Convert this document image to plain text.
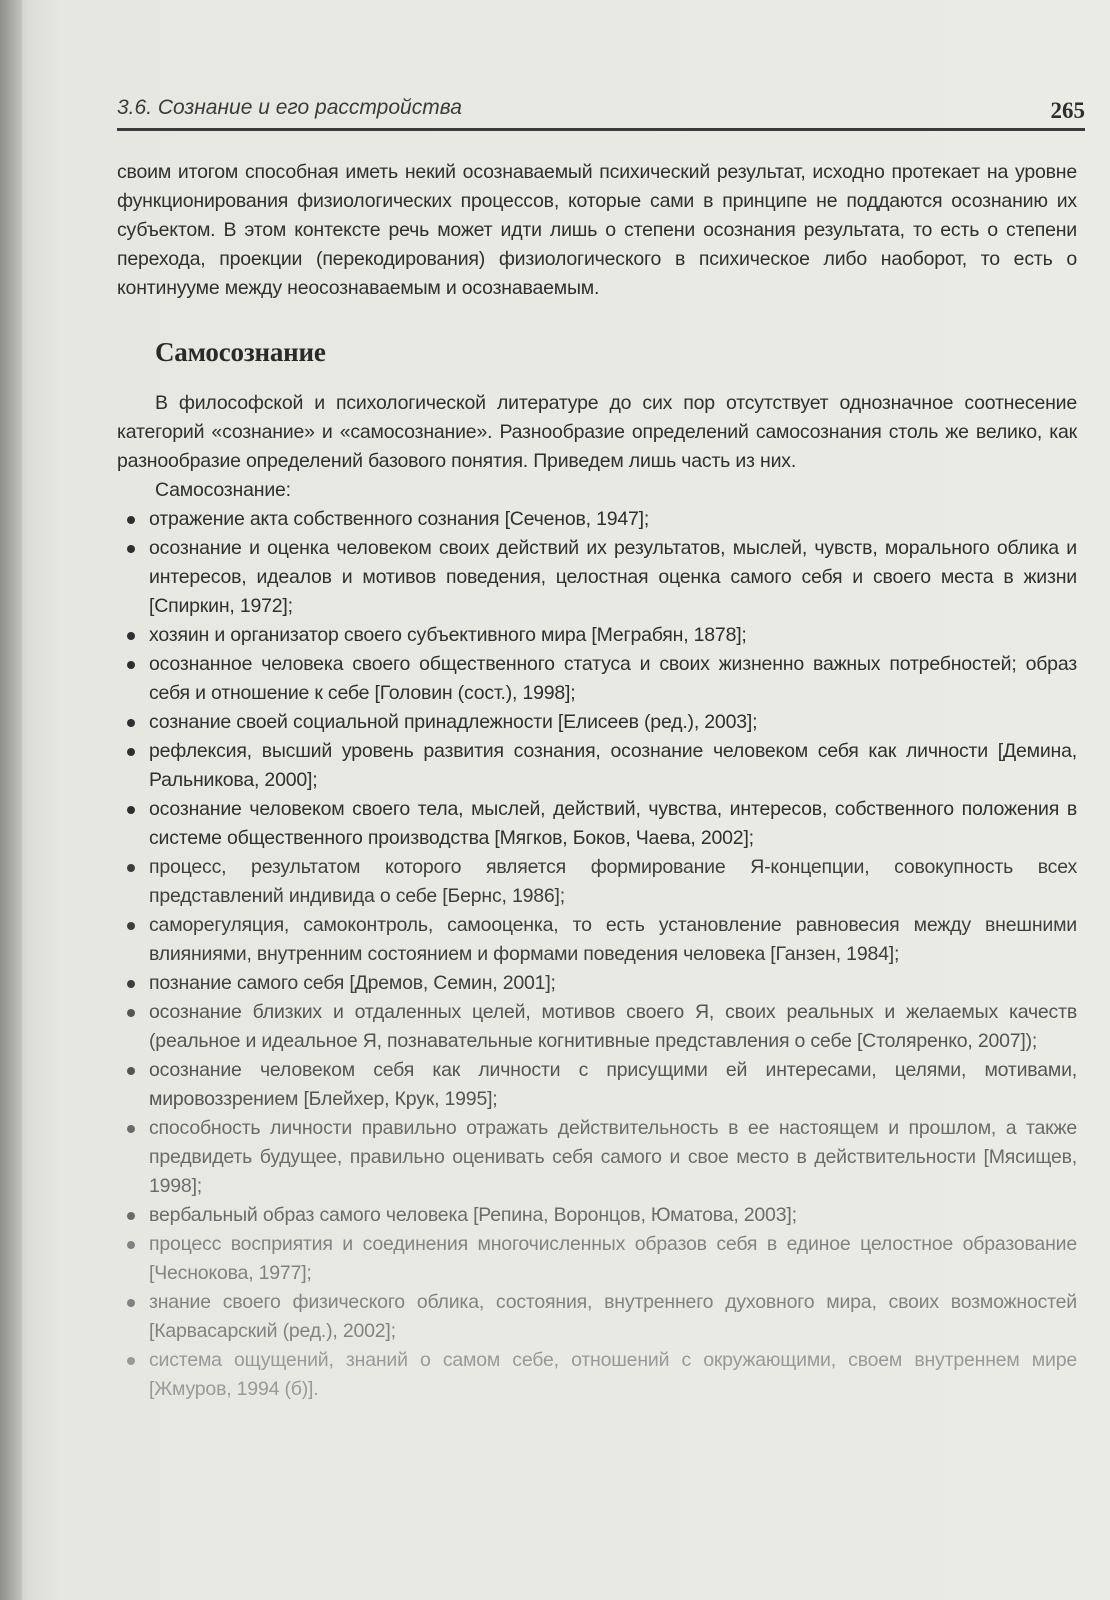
3.6. Сознание и его расстройства	265

своим итогом способная иметь некий осознаваемый психический результат, исходно протекает на уровне функционирования физиологических процессов, которые сами в принципе не поддаются осознанию их субъектом. В этом контексте речь может идти лишь о степени осознания результата, то есть о степени перехода, проекции (перекодирования) физиологического в психическое либо наоборот, то есть о континууме между неосознаваемым и осознаваемым.

Самосознание

В философской и психологической литературе до сих пор отсутствует однозначное соотнесение категорий «сознание» и «самосознание». Разнообразие определений самосознания столь же велико, как разнообразие определений базового понятия. Приведем лишь часть из них.

Самосознание:

отражение акта собственного сознания [Сеченов, 1947];
осознание и оценка человеком своих действий их результатов, мыслей, чувств, морального облика и интересов, идеалов и мотивов поведения, целостная оценка самого себя и своего места в жизни [Спиркин, 1972];
хозяин и организатор своего субъективного мира [Меграбян, 1878];
осознанное человека своего общественного статуса и своих жизненно важных потребностей; образ себя и отношение к себе [Головин (сост.), 1998];
сознание своей социальной принадлежности [Елисеев (ред.), 2003];
рефлексия, высший уровень развития сознания, осознание человеком себя как личности [Демина, Ральникова, 2000];
осознание человеком своего тела, мыслей, действий, чувства, интересов, собственного положения в системе общественного производства [Мягков, Боков, Чаева, 2002];
процесс, результатом которого является формирование Я-концепции, совокупность всех представлений индивида о себе [Бернс, 1986];
саморегуляция, самоконтроль, самооценка, то есть установление равновесия между внешними влияниями, внутренним состоянием и формами поведения человека [Ганзен, 1984];
познание самого себя [Дремов, Семин, 2001];
осознание близких и отдаленных целей, мотивов своего Я, своих реальных и желаемых качеств (реальное и идеальное Я, познавательные когнитивные представления о себе [Столяренко, 2007]);
осознание человеком себя как личности с присущими ей интересами, целями, мотивами, мировоззрением [Блейхер, Крук, 1995];
способность личности правильно отражать действительность в ее настоящем и прошлом, а также предвидеть будущее, правильно оценивать себя самого и свое место в действительности [Мясищев, 1998];
вербальный образ самого человека [Репина, Воронцов, Юматова, 2003];
процесс восприятия и соединения многочисленных образов себя в единое целостное образование [Чеснокова, 1977];
знание своего физического облика, состояния, внутреннего духовного мира, своих возможностей [Карвасарский (ред.), 2002];
система ощущений, знаний о самом себе, отношений с окружающими, своем внутреннем мире [Жмуров, 1994 (б)].
